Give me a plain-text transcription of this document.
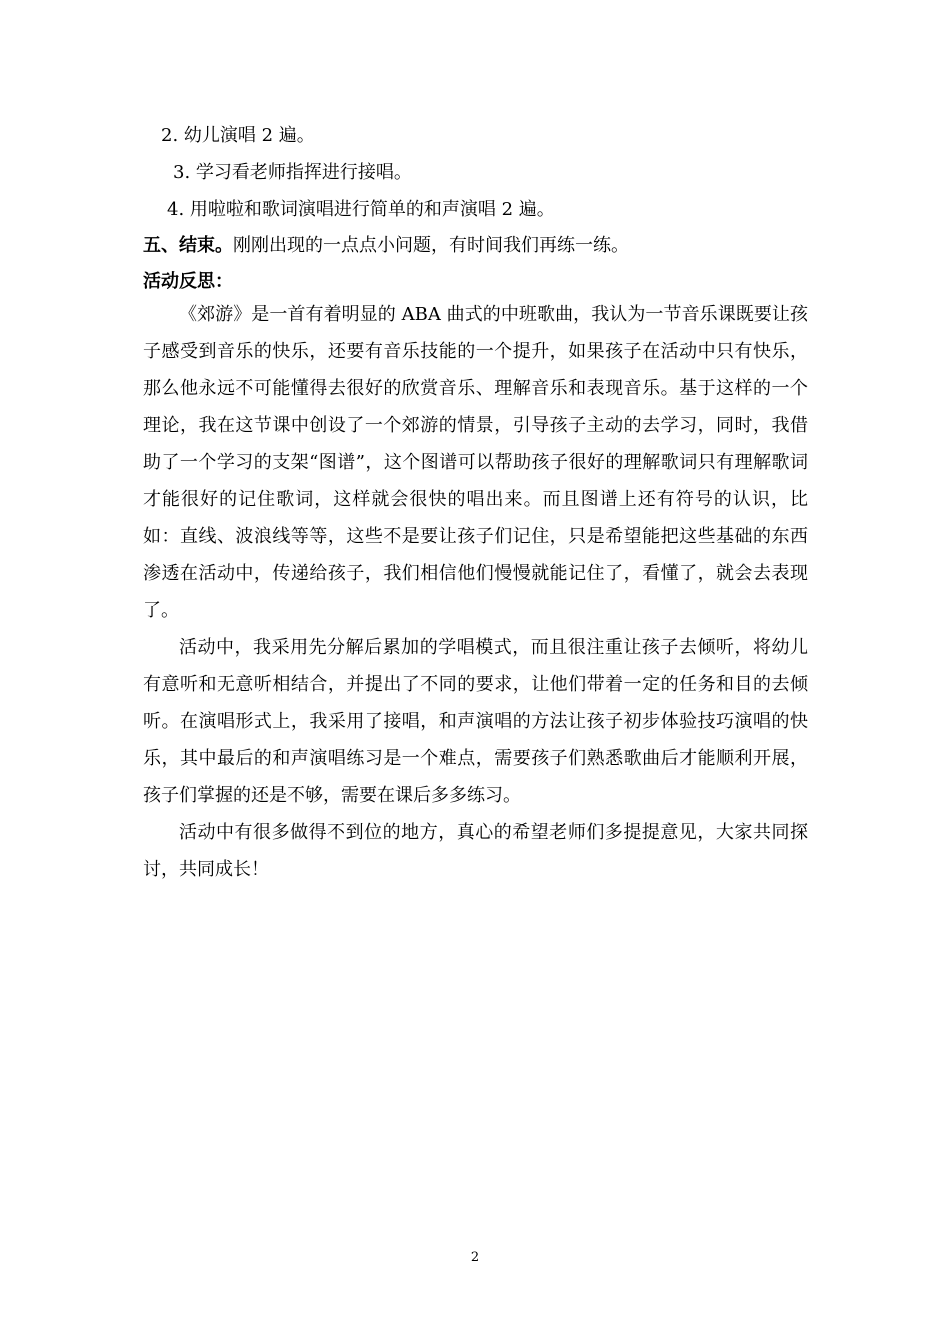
2. 幼儿演唱 2 遍。
3. 学习看老师指挥进行接唱。
4. 用啦啦和歌词演唱进行简单的和声演唱 2 遍。
五、结束。刚刚出现的一点点小问题，有时间我们再练一练。
活动反思：

《郊游》是一首有着明显的 ABA 曲式的中班歌曲，我认为一节音乐课既要让孩子感受到音乐的快乐，还要有音乐技能的一个提升，如果孩子在活动中只有快乐，那么他永远不可能懂得去很好的欣赏音乐、理解音乐和表现音乐。基于这样的一个理论，我在这节课中创设了一个郊游的情景，引导孩子主动的去学习，同时，我借助了一个学习的支架“图谱”，这个图谱可以帮助孩子很好的理解歌词只有理解歌词才能很好的记住歌词，这样就会很快的唱出来。而且图谱上还有符号的认识，比如：直线、波浪线等等，这些不是要让孩子们记住，只是希望能把这些基础的东西渗透在活动中，传递给孩子，我们相信他们慢慢就能记住了，看懂了，就会去表现了。

活动中，我采用先分解后累加的学唱模式，而且很注重让孩子去倾听，将幼儿有意听和无意听相结合，并提出了不同的要求，让他们带着一定的任务和目的去倾听。在演唱形式上，我采用了接唱，和声演唱的方法让孩子初步体验技巧演唱的快乐，其中最后的和声演唱练习是一个难点，需要孩子们熟悉歌曲后才能顺利开展，孩子们掌握的还是不够，需要在课后多多练习。

活动中有很多做得不到位的地方，真心的希望老师们多提提意见，大家共同探讨，共同成长！

2
